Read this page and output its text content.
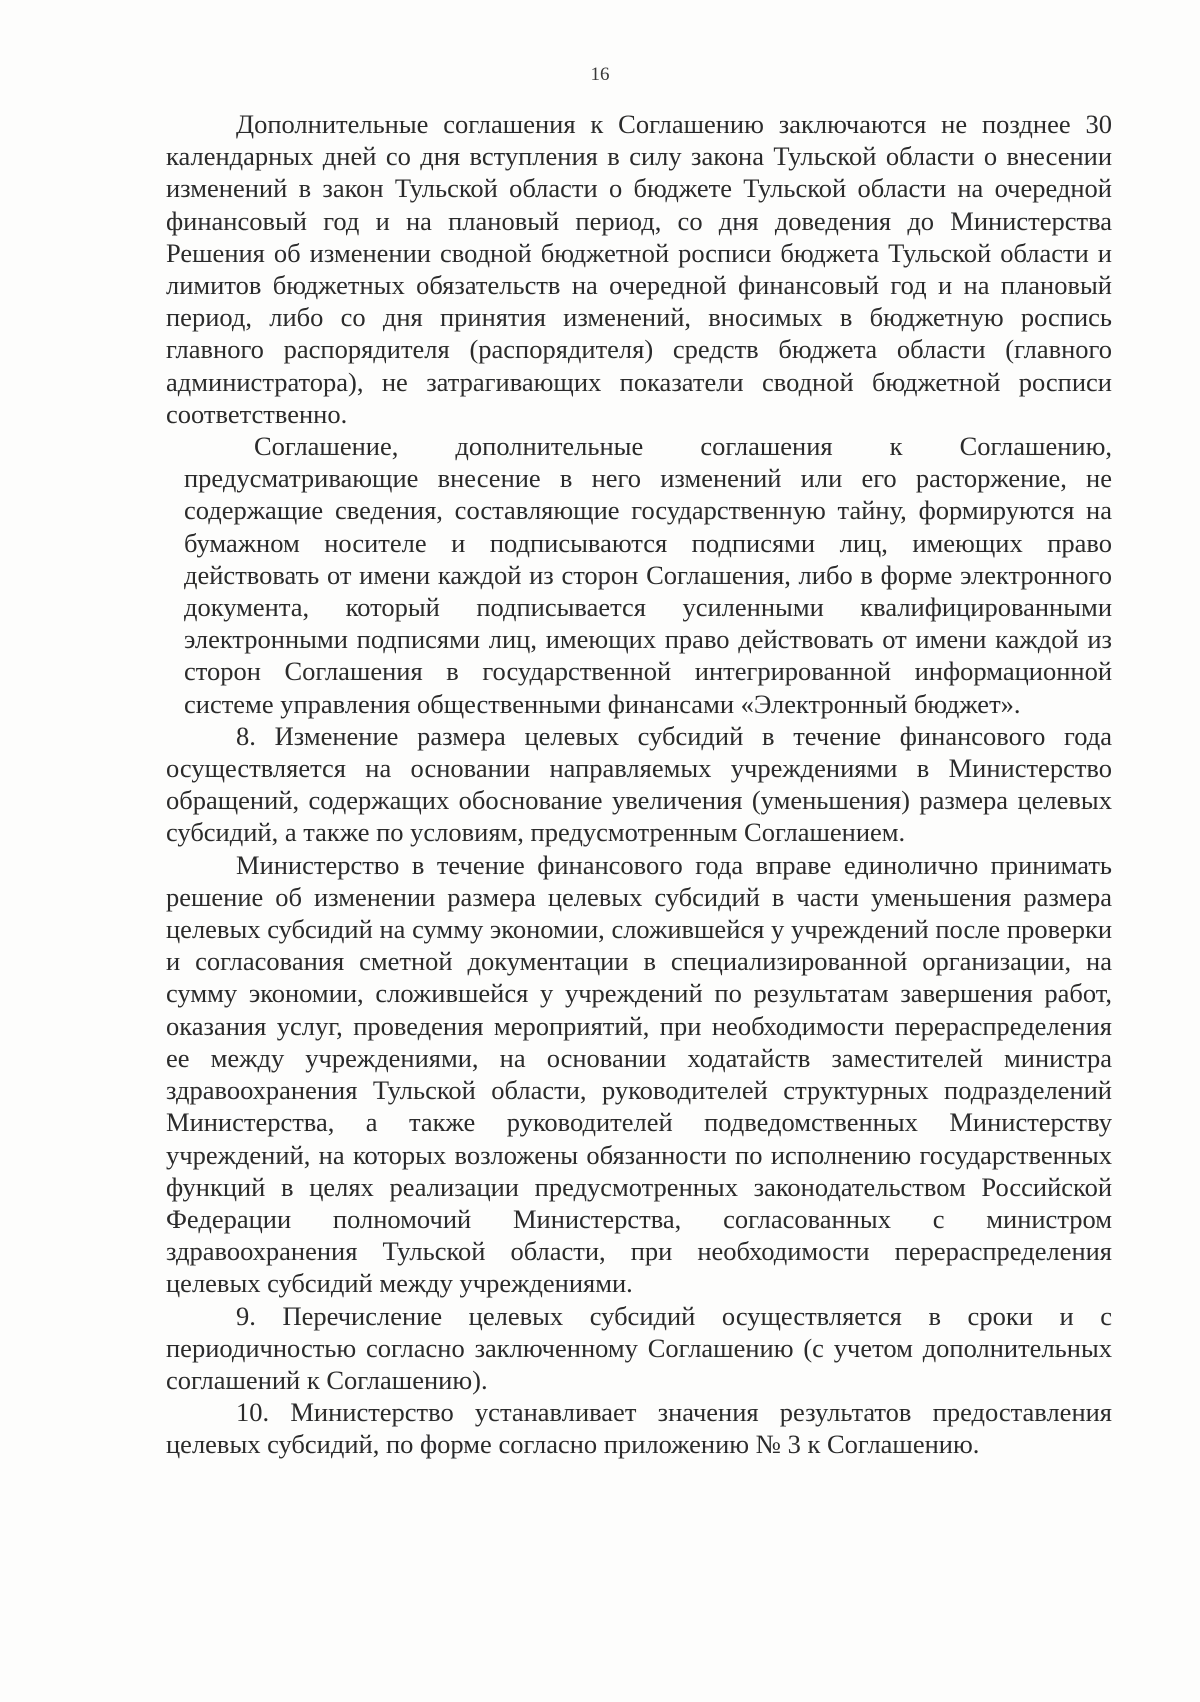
16

Дополнительные соглашения к Соглашению заключаются не позднее 30 календарных дней со дня вступления в силу закона Тульской области о внесении изменений в закон Тульской области о бюджете Тульской области на очередной финансовый год и на плановый период, со дня доведения до Министерства Решения об изменении сводной бюджетной росписи бюджета Тульской области и лимитов бюджетных обязательств на очередной финансовый год и на плановый период, либо со дня принятия изменений, вносимых в бюджетную роспись главного распорядителя (распорядителя) средств бюджета области (главного администратора), не затрагивающих показатели сводной бюджетной росписи соответственно.

Соглашение, дополнительные соглашения к Соглашению, предусматривающие внесение в него изменений или его расторжение, не содержащие сведения, составляющие государственную тайну, формируются на бумажном носителе и подписываются подписями лиц, имеющих право действовать от имени каждой из сторон Соглашения, либо в форме электронного документа, который подписывается усиленными квалифицированными электронными подписями лиц, имеющих право действовать от имени каждой из сторон Соглашения в государственной интегрированной информационной системе управления общественными финансами «Электронный бюджет».

8. Изменение размера целевых субсидий в течение финансового года осуществляется на основании направляемых учреждениями в Министерство обращений, содержащих обоснование увеличения (уменьшения) размера целевых субсидий, а также по условиям, предусмотренным Соглашением.

Министерство в течение финансового года вправе единолично принимать решение об изменении размера целевых субсидий в части уменьшения размера целевых субсидий на сумму экономии, сложившейся у учреждений после проверки и согласования сметной документации в специализированной организации, на сумму экономии, сложившейся у учреждений по результатам завершения работ, оказания услуг, проведения мероприятий, при необходимости перераспределения ее между учреждениями, на основании ходатайств заместителей министра здравоохранения Тульской области, руководителей структурных подразделений Министерства, а также руководителей подведомственных Министерству учреждений, на которых возложены обязанности по исполнению государственных функций в целях реализации предусмотренных законодательством Российской Федерации полномочий Министерства, согласованных с министром здравоохранения Тульской области, при необходимости перераспределения целевых субсидий между учреждениями.

9. Перечисление целевых субсидий осуществляется в сроки и с периодичностью согласно заключенному Соглашению (с учетом дополнительных соглашений к Соглашению).

10. Министерство устанавливает значения результатов предоставления целевых субсидий, по форме согласно приложению № 3 к Соглашению.
